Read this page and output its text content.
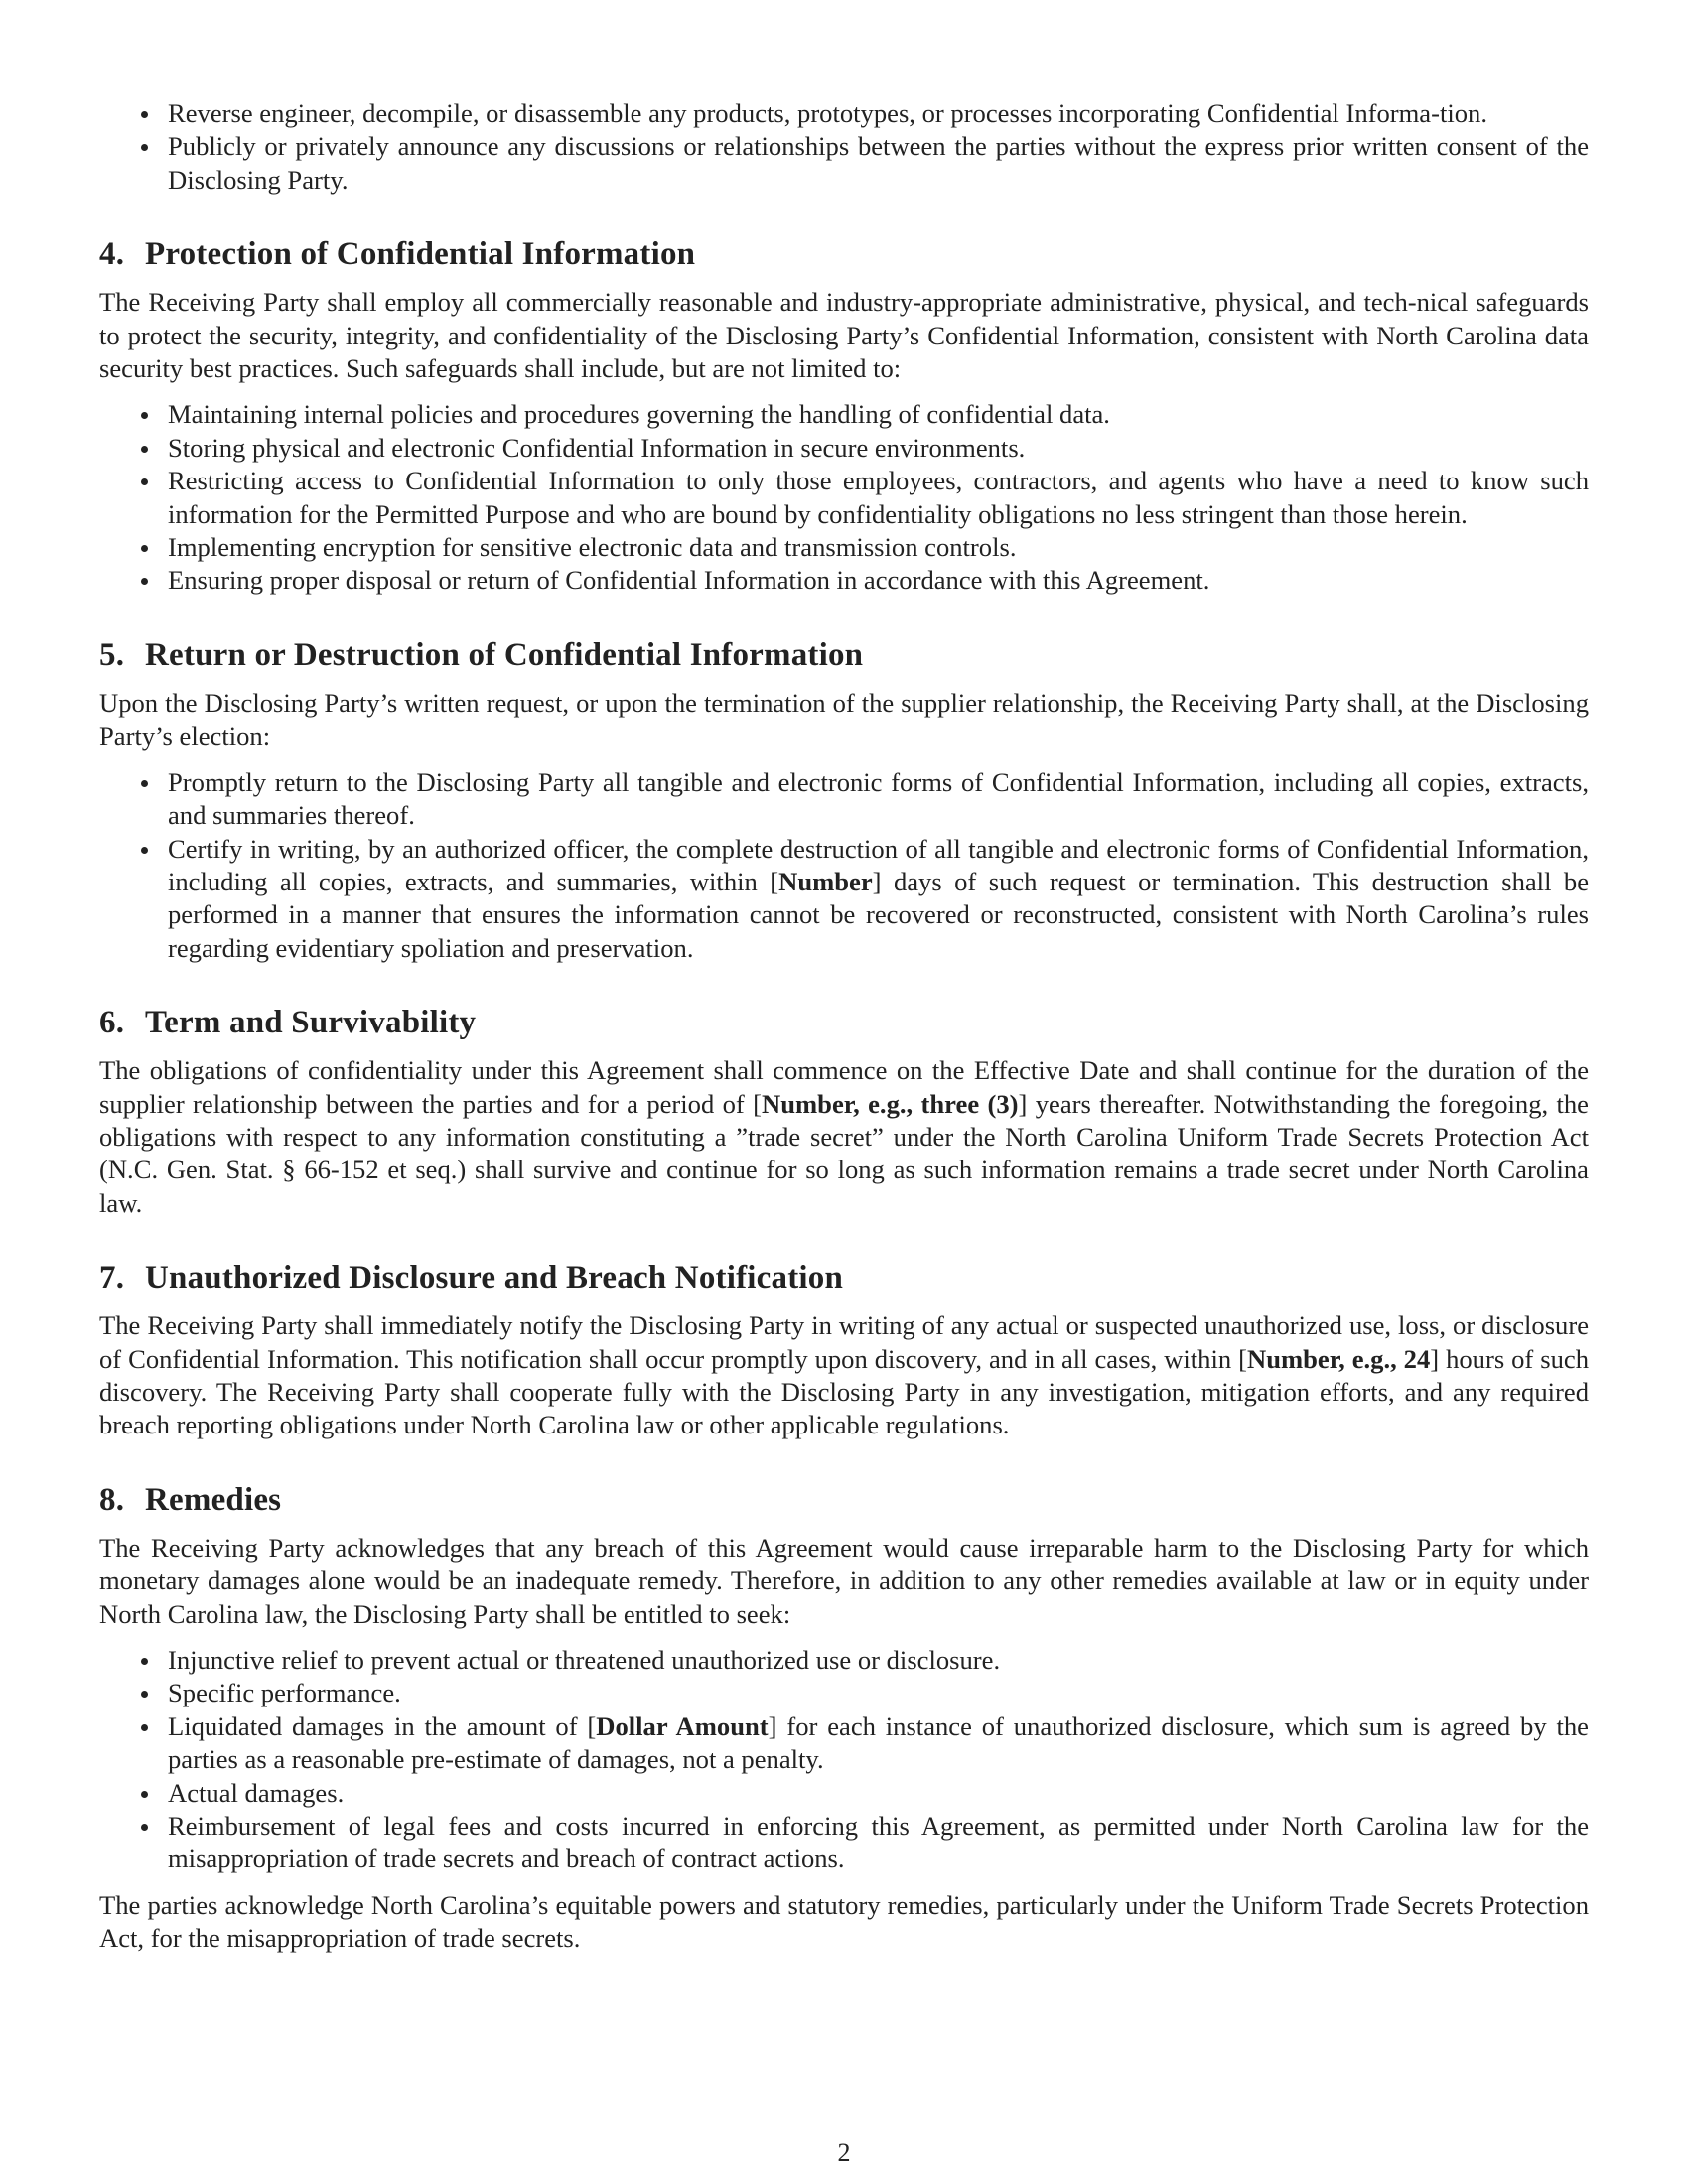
Reverse engineer, decompile, or disassemble any products, prototypes, or processes incorporating Confidential Informa-tion.
Publicly or privately announce any discussions or relationships between the parties without the express prior written consent of the Disclosing Party.
4. Protection of Confidential Information

The Receiving Party shall employ all commercially reasonable and industry-appropriate administrative, physical, and tech-nical safeguards to protect the security, integrity, and confidentiality of the Disclosing Party’s Confidential Information, consistent with North Carolina data security best practices. Such safeguards shall include, but are not limited to:

Maintaining internal policies and procedures governing the handling of confidential data.
Storing physical and electronic Confidential Information in secure environments.
Restricting access to Confidential Information to only those employees, contractors, and agents who have a need to know such information for the Permitted Purpose and who are bound by confidentiality obligations no less stringent than those herein.
Implementing encryption for sensitive electronic data and transmission controls.
Ensuring proper disposal or return of Confidential Information in accordance with this Agreement.
5. Return or Destruction of Confidential Information

Upon the Disclosing Party’s written request, or upon the termination of the supplier relationship, the Receiving Party shall, at the Disclosing Party’s election:

Promptly return to the Disclosing Party all tangible and electronic forms of Confidential Information, including all copies, extracts, and summaries thereof.
Certify in writing, by an authorized officer, the complete destruction of all tangible and electronic forms of Confidential Information, including all copies, extracts, and summaries, within [Number] days of such request or termination. This destruction shall be performed in a manner that ensures the information cannot be recovered or reconstructed, consistent with North Carolina’s rules regarding evidentiary spoliation and preservation.
6. Term and Survivability

The obligations of confidentiality under this Agreement shall commence on the Effective Date and shall continue for the duration of the supplier relationship between the parties and for a period of [Number, e.g., three (3)] years thereafter. Notwithstanding the foregoing, the obligations with respect to any information constituting a ”trade secret” under the North Carolina Uniform Trade Secrets Protection Act (N.C. Gen. Stat. § 66-152 et seq.) shall survive and continue for so long as such information remains a trade secret under North Carolina law.

7. Unauthorized Disclosure and Breach Notification

The Receiving Party shall immediately notify the Disclosing Party in writing of any actual or suspected unauthorized use, loss, or disclosure of Confidential Information. This notification shall occur promptly upon discovery, and in all cases, within [Number, e.g., 24] hours of such discovery. The Receiving Party shall cooperate fully with the Disclosing Party in any investigation, mitigation efforts, and any required breach reporting obligations under North Carolina law or other applicable regulations.

8. Remedies

The Receiving Party acknowledges that any breach of this Agreement would cause irreparable harm to the Disclosing Party for which monetary damages alone would be an inadequate remedy. Therefore, in addition to any other remedies available at law or in equity under North Carolina law, the Disclosing Party shall be entitled to seek:

Injunctive relief to prevent actual or threatened unauthorized use or disclosure.
Specific performance.
Liquidated damages in the amount of [Dollar Amount] for each instance of unauthorized disclosure, which sum is agreed by the parties as a reasonable pre-estimate of damages, not a penalty.
Actual damages.
Reimbursement of legal fees and costs incurred in enforcing this Agreement, as permitted under North Carolina law for the misappropriation of trade secrets and breach of contract actions.

The parties acknowledge North Carolina’s equitable powers and statutory remedies, particularly under the Uniform Trade Secrets Protection Act, for the misappropriation of trade secrets.

2
